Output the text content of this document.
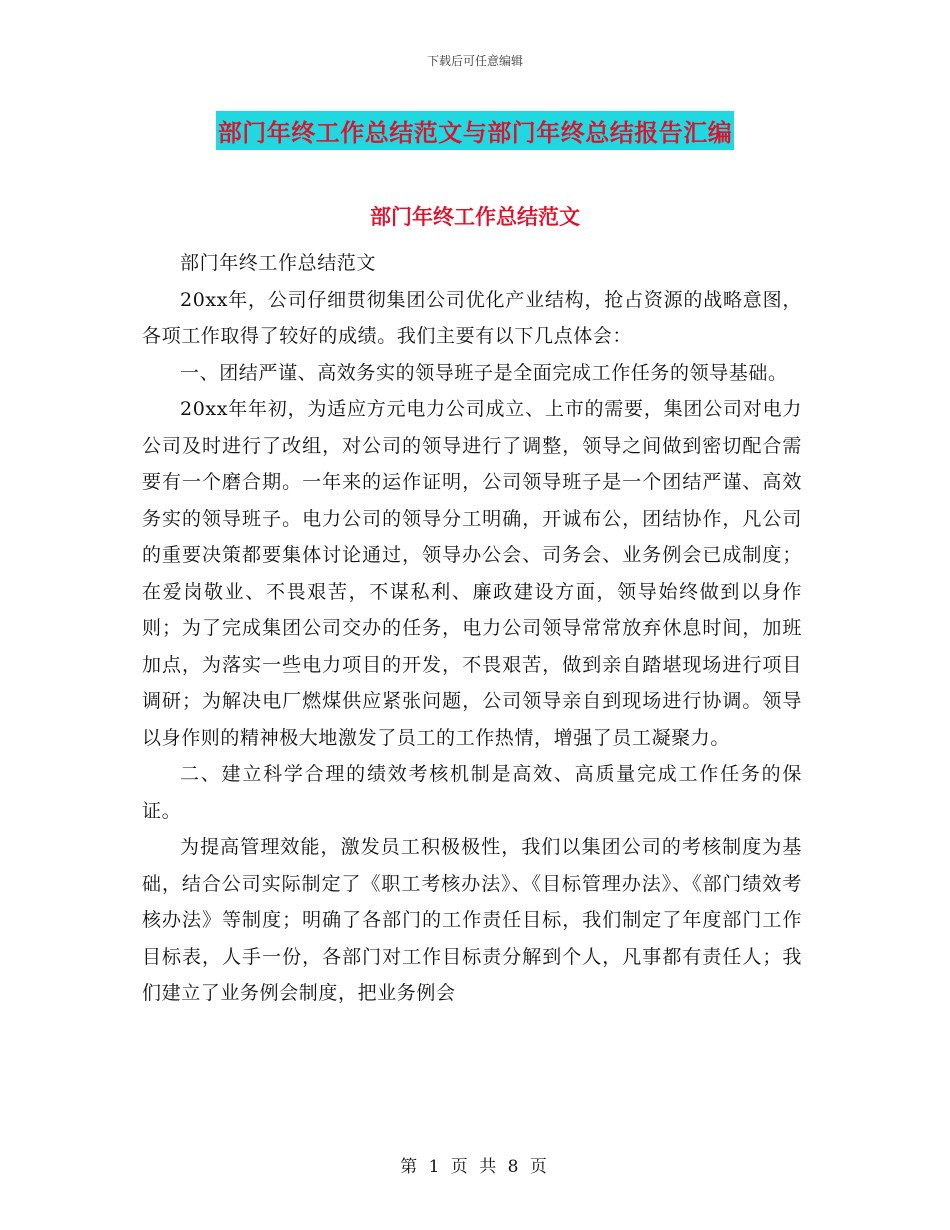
下载后可任意编辑
部门年终工作总结范文与部门年终总结报告汇编
部门年终工作总结范文

部门年终工作总结范文

20xx年，公司仔细贯彻集团公司优化产业结构，抢占资源的战略意图，各项工作取得了较好的成绩。我们主要有以下几点体会：

一、团结严谨、高效务实的领导班子是全面完成工作任务的领导基础。

20xx年年初，为适应方元电力公司成立、上市的需要，集团公司对电力公司及时进行了改组，对公司的领导进行了调整，领导之间做到密切配合需要有一个磨合期。一年来的运作证明，公司领导班子是一个团结严谨、高效务实的领导班子。电力公司的领导分工明确，开诚布公，团结协作，凡公司的重要决策都要集体讨论通过，领导办公会、司务会、业务例会已成制度；在爱岗敬业、不畏艰苦，不谋私利、廉政建设方面，领导始终做到以身作则；为了完成集团公司交办的任务，电力公司领导常常放弃休息时间，加班加点，为落实一些电力项目的开发，不畏艰苦，做到亲自踏堪现场进行项目调研；为解决电厂燃煤供应紧张问题，公司领导亲自到现场进行协调。领导以身作则的精神极大地激发了员工的工作热情，增强了员工凝聚力。

二、建立科学合理的绩效考核机制是高效、高质量完成工作任务的保证。

为提高管理效能，激发员工积极极性，我们以集团公司的考核制度为基础，结合公司实际制定了《职工考核办法》、《目标管理办法》、《部门绩效考核办法》等制度；明确了各部门的工作责任目标，我们制定了年度部门工作目标表，人手一份，各部门对工作目标责分解到个人，凡事都有责任人；我们建立了业务例会制度，把业务例会

第 1 页 共 8 页
